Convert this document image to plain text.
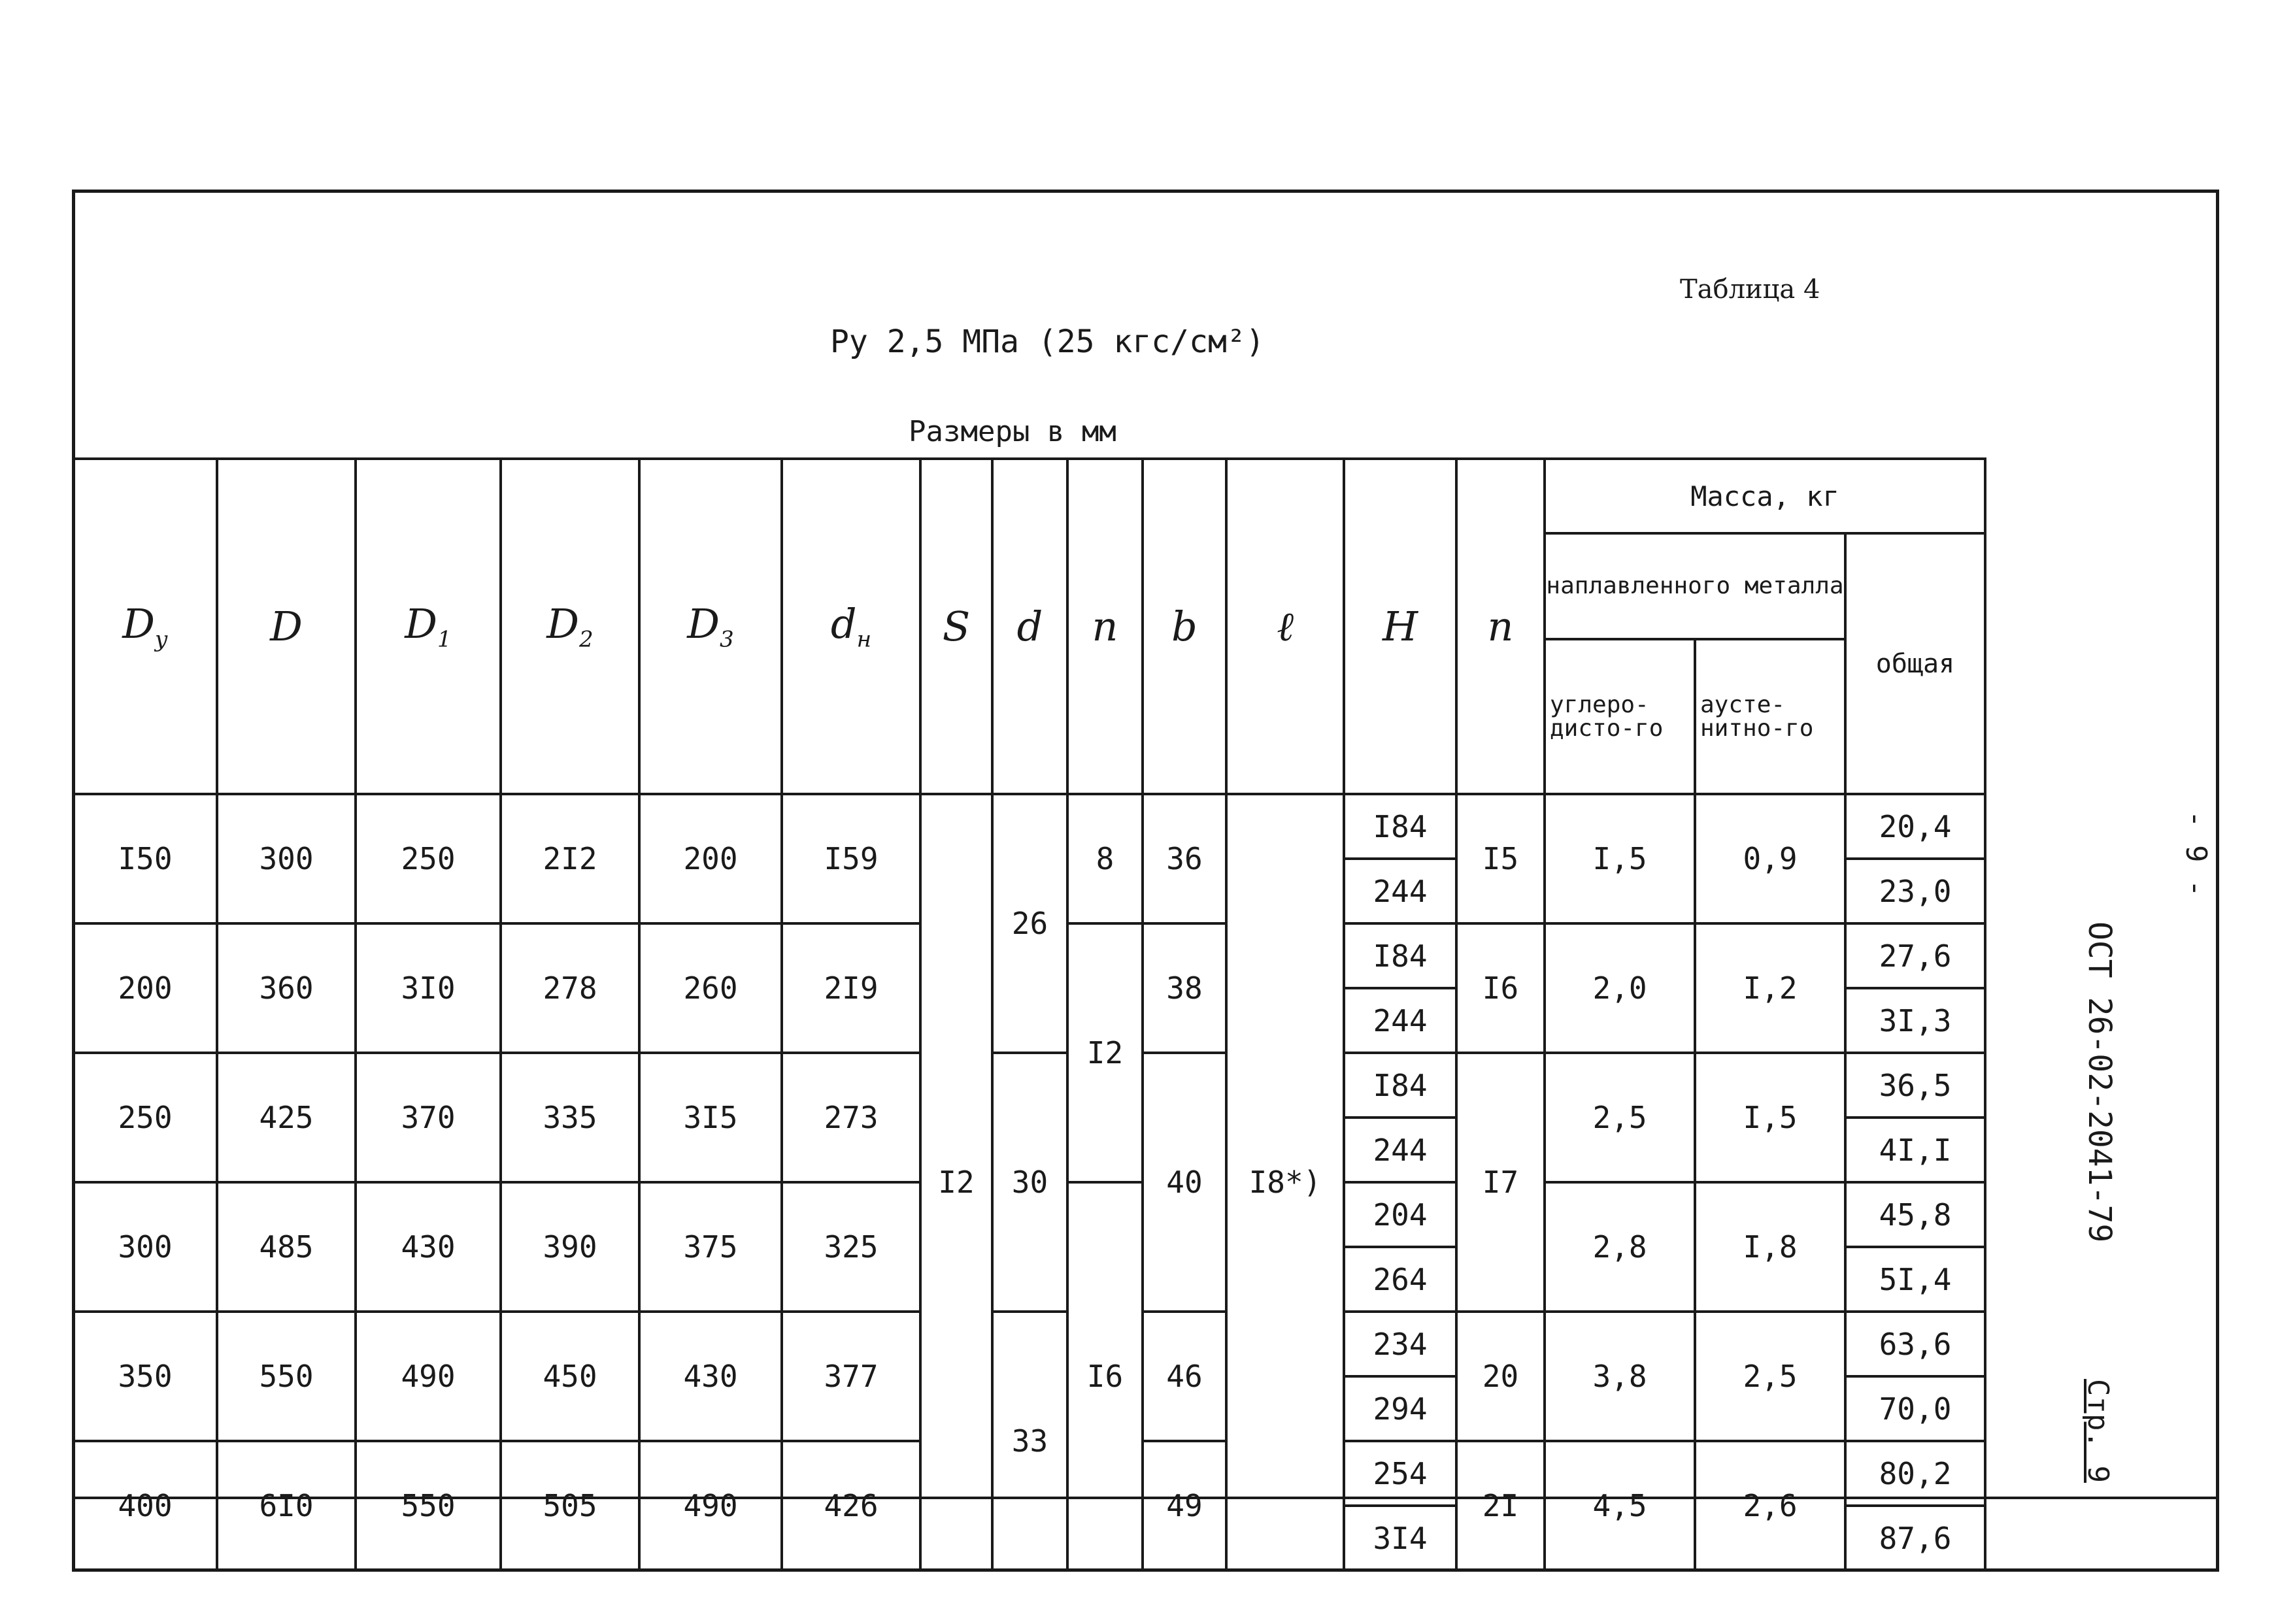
Таблица 4
Py 2,5 МПа (25 кгс/см²)
Размеры в мм
- 9 -
ОСТ 26-02-2041-79
Стр. 9
$D_у$	D	$D_1$	$D_2$	$D_3$	$d_н$	S	d	n	b	ℓ	H	n	Масса, кг		
													наплавленного металла		общая
													углеро-дисто-го	аусте-нитно-го	
I50	300	250	2I2	200	I59	I2	26	8	36	I8*)	I84	I5	I,5	0,9	20,4
											244				23,0
200	360	3I0	278	260	2I9			I2	38		I84	I6	2,0	I,2	27,6
											244				3I,3
250	425	370	335	3I5	273		30		40		I84	I7	2,5	I,5	36,5
											244				4I,I
300	485	430	390	375	325			I6			204		2,8	I,8	45,8
											264				5I,4
350	550	490	450	430	377		33		46		234	20	3,8	2,5	63,6
											294				70,0
400	6I0	550	505	490	426				49		254	2I	4,5	2,6	80,2
											3I4				87,6
